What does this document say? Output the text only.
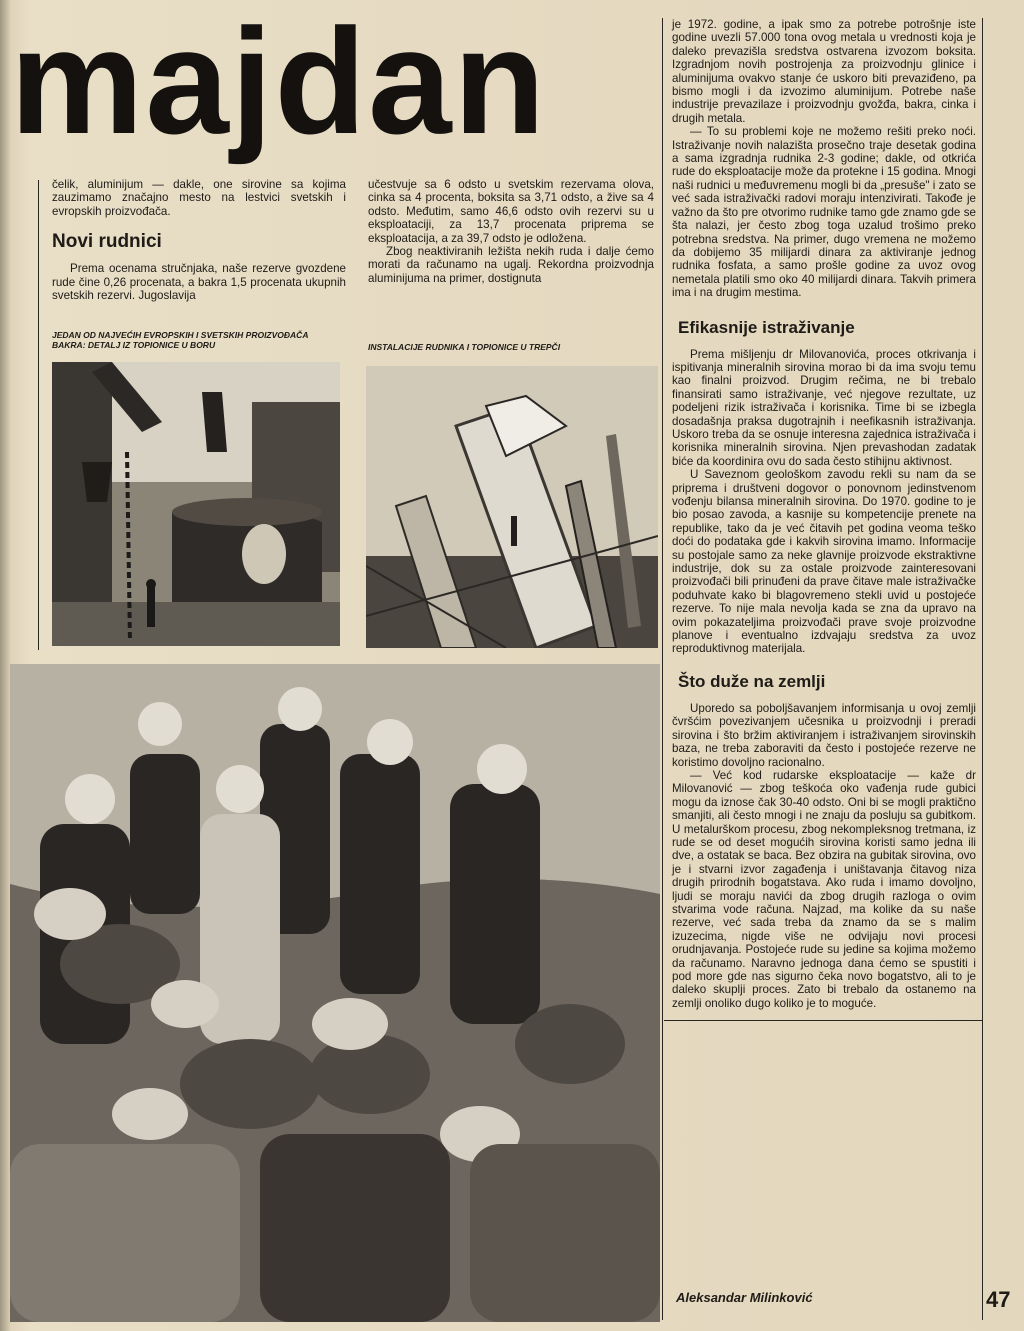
majdan

čelik, aluminijum — dakle, one sirovine sa kojima zauzimamo značajno mesto na lestvici svetskih i evropskih proizvođača.

Novi rudnici

Prema ocenama stručnjaka, naše rezerve gvozdene rude čine 0,26 procenata, a bakra 1,5 procenata ukupnih svetskih rezervi. Jugoslavija

učestvuje sa 6 odsto u svetskim rezervama olova, cinka sa 4 procenta, boksita sa 3,71 odsto, a žive sa 4 odsto. Međutim, samo 46,6 odsto ovih rezervi su u eksploataciji, za 13,7 procenata priprema se eksploatacija, a za 39,7 odsto je odložena.

Zbog neaktiviranih ležišta nekih ruda i dalje ćemo morati da računamo na ugalj. Rekordna proizvodnja aluminijuma na primer, dostignuta

JEDAN OD NAJVEĆIH EVROPSKIH I SVETSKIH PROIZVOĐAČA BAKRA: DETALJ IZ TOPIONICE U BORU	INSTALACIJE RUDNIKA I TOPIONICE U TREPČI

je 1972. godine, a ipak smo za potrebe potrošnje iste godine uvezli 57.000 tona ovog metala u vrednosti koja je daleko prevazišla sredstva ostvarena izvozom boksita. Izgradnjom novih postrojenja za proizvodnju glinice i aluminijuma ovakvo stanje će uskoro biti prevaziđeno, pa bismo mogli i da izvozimo aluminijum. Potrebe naše industrije prevazilaze i proizvodnju gvožđa, bakra, cinka i drugih metala.

— To su problemi koje ne možemo rešiti preko noći. Istraživanje novih nalazišta prosečno traje desetak godina a sama izgradnja rudnika 2-3 godine; dakle, od otkrića rude do eksploatacije može da protekne i 15 godina. Mnogi naši rudnici u međuvremenu mogli bi da „presuše" i zato se već sada istraživački radovi moraju intenzivirati. Takođe je važno da što pre otvorimo rudnike tamo gde znamo gde se šta nalazi, jer često zbog toga uzalud trošimo preko potrebna sredstva. Na primer, dugo vremena ne možemo da dobijemo 35 milijardi dinara za aktiviranje jednog rudnika fosfata, a samo prošle godine za uvoz ovog nemetala platili smo oko 40 milijardi dinara. Takvih primera ima i na drugim mestima.

Efikasnije istraživanje

Prema mišljenju dr Milovanovića, proces otkrivanja i ispitivanja mineralnih sirovina morao bi da ima svoju temu kao finalni proizvod. Drugim rečima, ne bi trebalo finansirati samo istraživanje, već njegove rezultate, uz podeljeni rizik istraživača i korisnika. Time bi se izbegla dosadašnja praksa dugotrajnih i neefikasnih istraživanja. Uskoro treba da se osnuje interesna zajednica istraživača i korisnika mineralnih sirovina. Njen prevashodan zadatak biće da koordinira ovu do sada često stihijnu aktivnost.

U Saveznom geološkom zavodu rekli su nam da se priprema i društveni dogovor o ponovnom jedinstvenom vođenju bilansa mineralnih sirovina. Do 1970. godine to je bio posao zavoda, a kasnije su kompetencije prenete na republike, tako da je već čitavih pet godina veoma teško doći do podataka gde i kakvih sirovina imamo. Informacije su postojale samo za neke glavnije proizvode ekstraktivne industrije, dok su za ostale proizvode zainteresovani proizvođači bili prinuđeni da prave čitave male istraživačke poduhvate kako bi blagovremeno stekli uvid u postojeće rezerve. To nije mala nevolja kada se zna da upravo na ovim pokazateljima proizvođači prave svoje proizvodne planove i eventualno izdvajaju sredstva za uvoz reproduktivnog materijala.

Što duže na zemlji

Uporedo sa poboljšavanjem informisanja u ovoj zemlji čvršćim povezivanjem učesnika u proizvodnji i preradi sirovina i što bržim aktiviranjem i istraživanjem sirovinskih baza, ne treba zaboraviti da često i postojeće rezerve ne koristimo dovoljno racionalno.

— Već kod rudarske eksploatacije — kaže dr Milovanović — zbog teškoća oko vađenja rude gubici mogu da iznose čak 30-40 odsto. Oni bi se mogli praktično smanjiti, ali često mnogi i ne znaju da posluju sa gubitkom. U metalurškom procesu, zbog nekompleksnog tretmana, iz rude se od deset mogućih sirovina koristi samo jedna ili dve, a ostatak se baca. Bez obzira na gubitak sirovina, ovo je i stvarni izvor zagađenja i uništavanja čitavog niza drugih prirodnih bogatstava. Ako ruda i imamo dovoljno, ljudi se moraju navići da zbog drugih razloga o ovim stvarima vode računa. Najzad, ma kolike da su naše rezerve, već sada treba da znamo da se s malim izuzecima, nigde više ne odvijaju novi procesi orudnjavanja. Postojeće rude su jedine sa kojima možemo da računamo. Naravno jednoga dana ćemo se spustiti i pod more gde nas sigurno čeka novo bogatstvo, ali to je daleko skuplji proces. Zato bi trebalo da ostanemo na zemlji onoliko dugo koliko je to moguće.

Aleksandar Milinković	47
